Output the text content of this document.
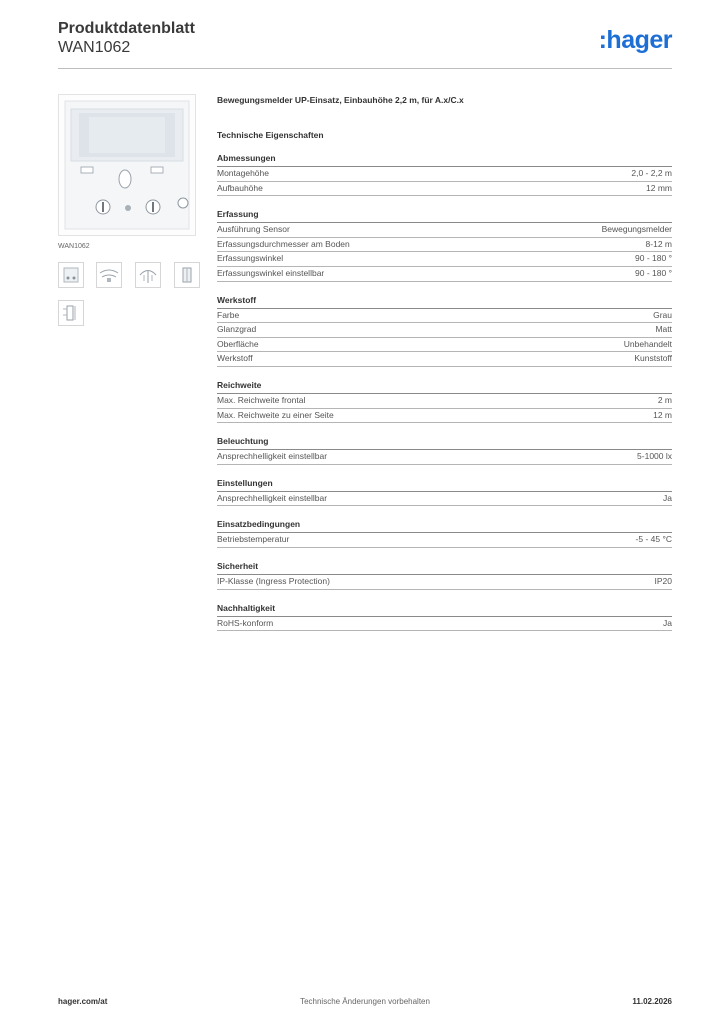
Produktdatenblatt
WAN1062	:hager
WAN1062
Bewegungsmelder UP-Einsatz, Einbauhöhe 2,2 m, für A.x/C.x
Technische Eigenschaften
Abmessungen
Montagehöhe	2,0 - 2,2 m
Aufbauhöhe	12 mm
Erfassung
Ausführung Sensor	Bewegungsmelder
Erfassungsdurchmesser am Boden	8-12 m
Erfassungswinkel	90 - 180 °
Erfassungswinkel einstellbar	90 - 180 °
Werkstoff
Farbe	Grau
Glanzgrad	Matt
Oberfläche	Unbehandelt
Werkstoff	Kunststoff
Reichweite
Max. Reichweite frontal	2 m
Max. Reichweite zu einer Seite	12 m
Beleuchtung
Ansprechhelligkeit einstellbar	5-1000 lx
Einstellungen
Ansprechhelligkeit einstellbar	Ja
Einsatzbedingungen
Betriebstemperatur	-5 - 45 °C
Sicherheit
IP-Klasse (Ingress Protection)	IP20
Nachhaltigkeit
RoHS-konform	Ja
hager.com/at	Technische Änderungen vorbehalten	11.02.2026
